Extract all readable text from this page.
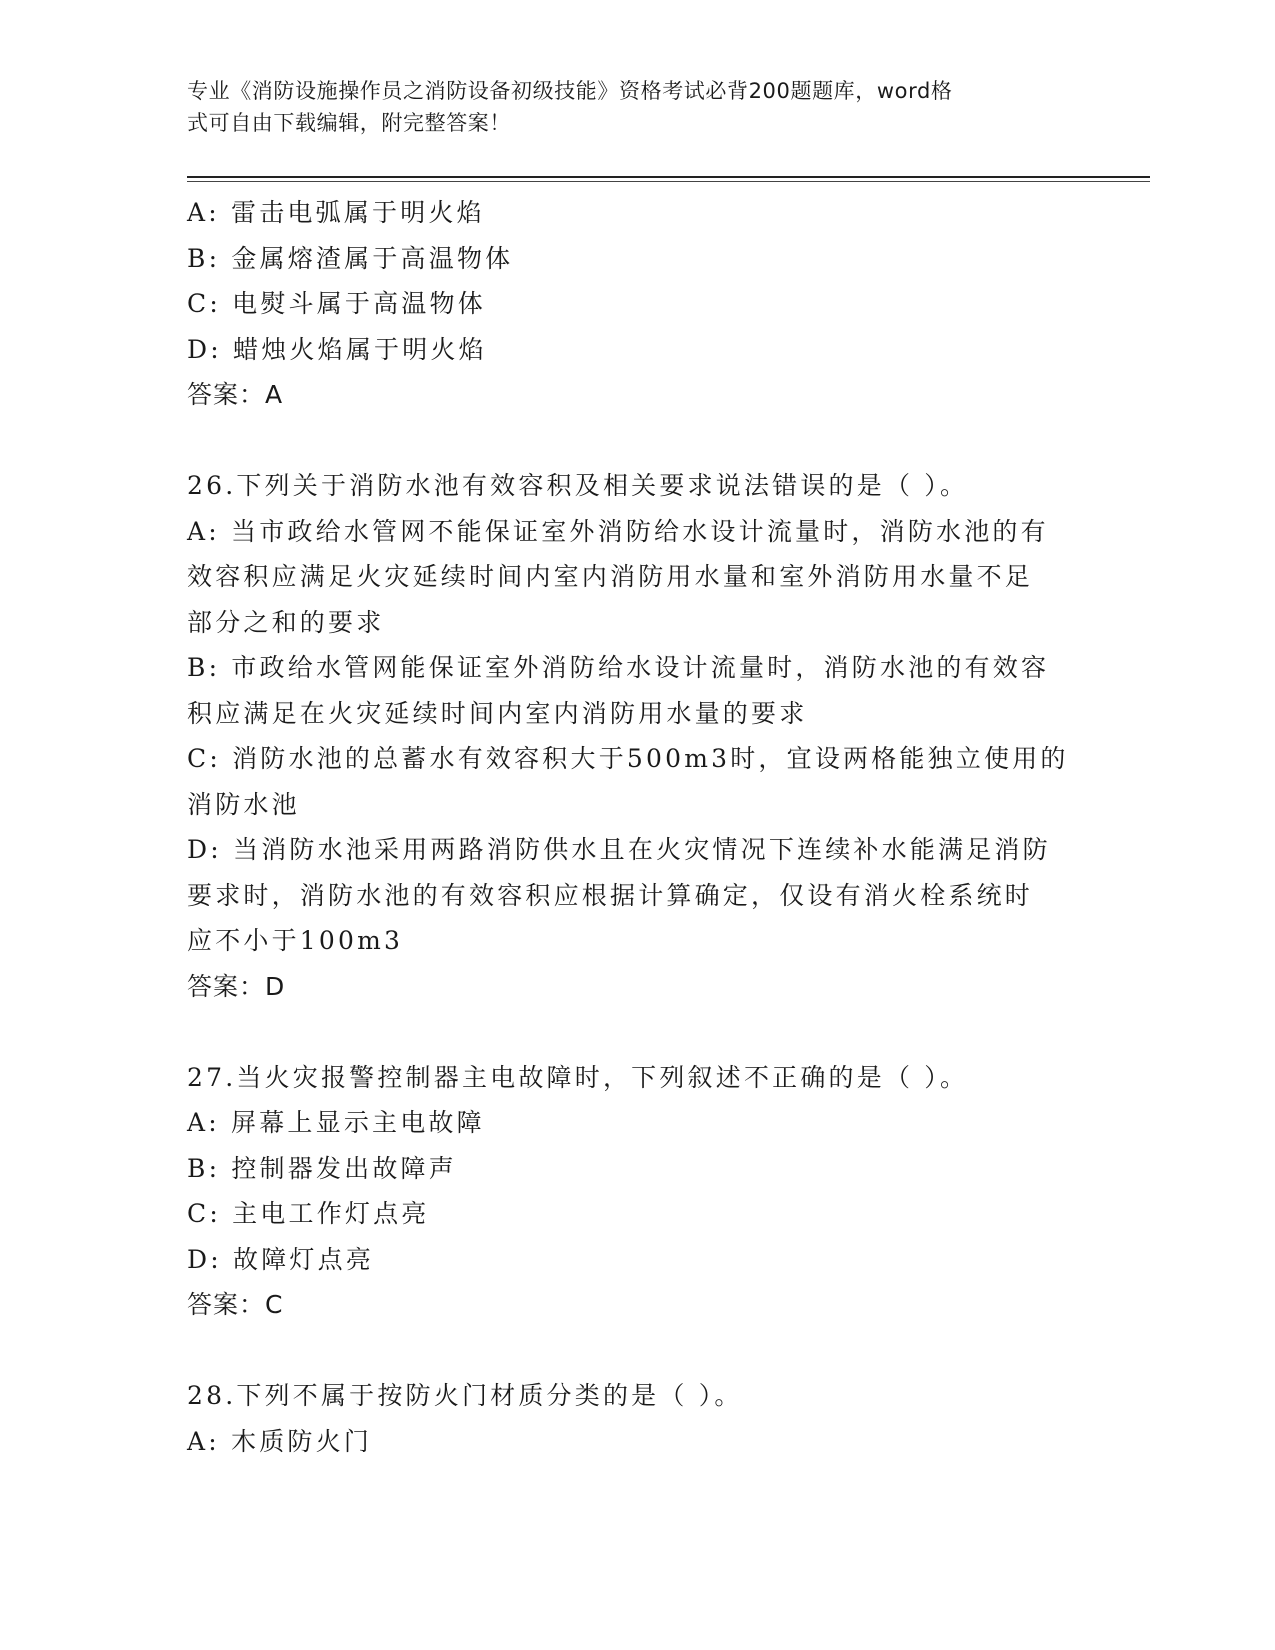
专业《消防设施操作员之消防设备初级技能》资格考试必背200题题库，word格
式可自由下载编辑，附完整答案！
A: 雷击电弧属于明火焰
B: 金属熔渣属于高温物体
C: 电熨斗属于高温物体
D: 蜡烛火焰属于明火焰
答案：A
26.下列关于消防水池有效容积及相关要求说法错误的是（ ）。
A: 当市政给水管网不能保证室外消防给水设计流量时，消防水池的有
效容积应满足火灾延续时间内室内消防用水量和室外消防用水量不足
部分之和的要求
B: 市政给水管网能保证室外消防给水设计流量时，消防水池的有效容
积应满足在火灾延续时间内室内消防用水量的要求
C: 消防水池的总蓄水有效容积大于500m3时，宜设两格能独立使用的
消防水池
D: 当消防水池采用两路消防供水且在火灾情况下连续补水能满足消防
要求时，消防水池的有效容积应根据计算确定，仅设有消火栓系统时
应不小于100m3
答案：D
27.当火灾报警控制器主电故障时，下列叙述不正确的是（ ）。
A: 屏幕上显示主电故障
B: 控制器发出故障声
C: 主电工作灯点亮
D: 故障灯点亮
答案：C
28.下列不属于按防火门材质分类的是（ ）。
A: 木质防火门
